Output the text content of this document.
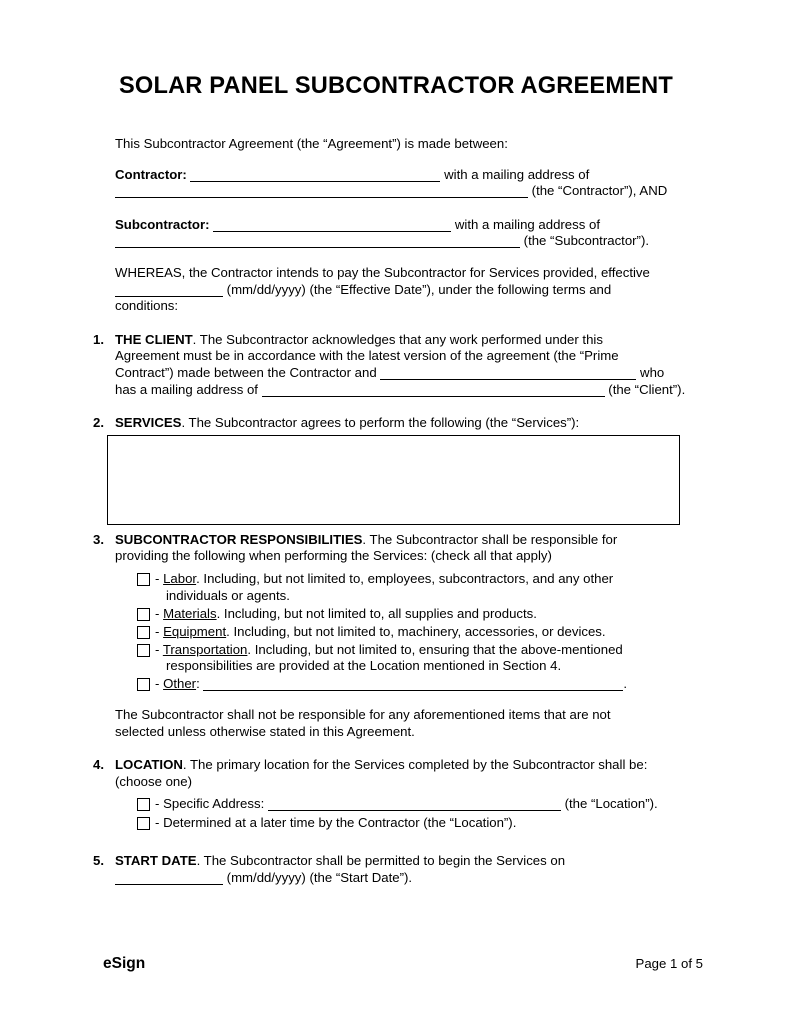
SOLAR PANEL SUBCONTRACTOR AGREEMENT

This Subcontractor Agreement (the “Agreement”) is made between:

Contractor:	with a mailing address of
(the “Contractor”), AND

Subcontractor:	with a mailing address of
(the “Subcontractor”).

WHEREAS, the Contractor intends to pay the Subcontractor for Services provided, effective
(mm/dd/yyyy) (the “Effective Date”), under the following terms and
conditions:

1. THE CLIENT. The Subcontractor acknowledges that any work performed under this
Agreement must be in accordance with the latest version of the agreement (the “Prime
Contract”) made between the Contractor and	who
has a mailing address of	(the “Client”).
2. SERVICES. The Subcontractor agrees to perform the following (the “Services”):
3. SUBCONTRACTOR RESPONSIBILITIES. The Subcontractor shall be responsible for
providing the following when performing the Services: (check all that apply)
- Labor. Including, but not limited to, employees, subcontractors, and any other
individuals or agents.
- Materials. Including, but not limited to, all supplies and products.
- Equipment. Including, but not limited to, machinery, accessories, or devices.
- Transportation. Including, but not limited to, ensuring that the above-mentioned
responsibilities are provided at the Location mentioned in Section 4.
- Other:	.

The Subcontractor shall not be responsible for any aforementioned items that are not
selected unless otherwise stated in this Agreement.

4. LOCATION. The primary location for the Services completed by the Subcontractor shall be:
(choose one)
- Specific Address:	(the “Location”).
- Determined at a later time by the Contractor (the “Location”).
5. START DATE. The Subcontractor shall be permitted to begin the Services on
(mm/dd/yyyy) (the “Start Date”).
eSign	Page 1 of 5
